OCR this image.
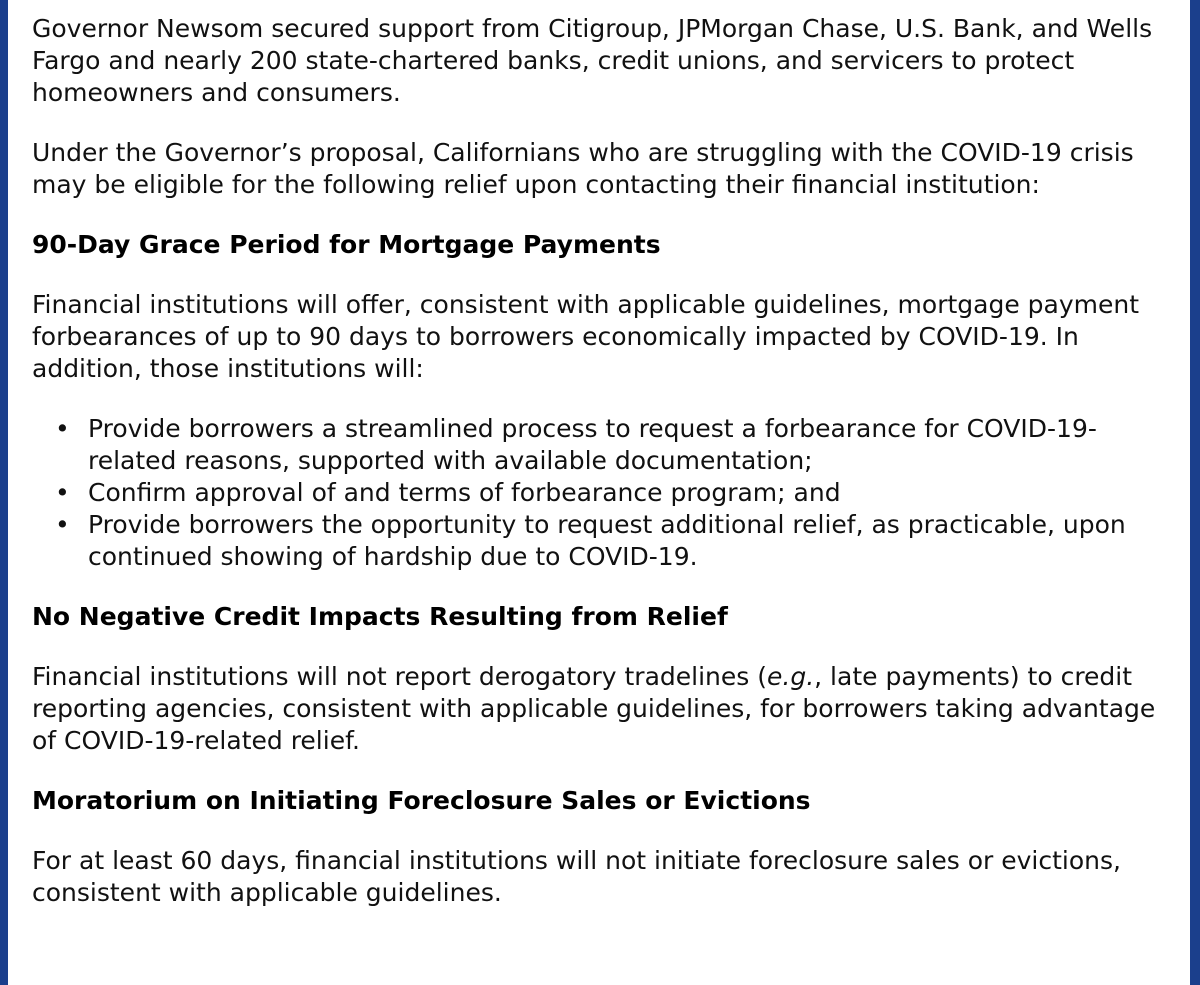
Governor Newsom secured support from Citigroup, JPMorgan Chase, U.S. Bank, and Wells Fargo and nearly 200 state-chartered banks, credit unions, and servicers to protect homeowners and consumers.

Under the Governor’s proposal, Californians who are struggling with the COVID-19 crisis may be eligible for the following relief upon contacting their financial institution:

90-Day Grace Period for Mortgage Payments

Financial institutions will offer, consistent with applicable guidelines, mortgage payment forbearances of up to 90 days to borrowers economically impacted by COVID-19. In addition, those institutions will:

• Provide borrowers a streamlined process to request a forbearance for COVID-19-related reasons, supported with available documentation;
• Confirm approval of and terms of forbearance program; and
• Provide borrowers the opportunity to request additional relief, as practicable, upon continued showing of hardship due to COVID-19.
No Negative Credit Impacts Resulting from Relief

Financial institutions will not report derogatory tradelines (e.g., late payments) to credit reporting agencies, consistent with applicable guidelines, for borrowers taking advantage of COVID-19-related relief.

Moratorium on Initiating Foreclosure Sales or Evictions

For at least 60 days, financial institutions will not initiate foreclosure sales or evictions, consistent with applicable guidelines.
